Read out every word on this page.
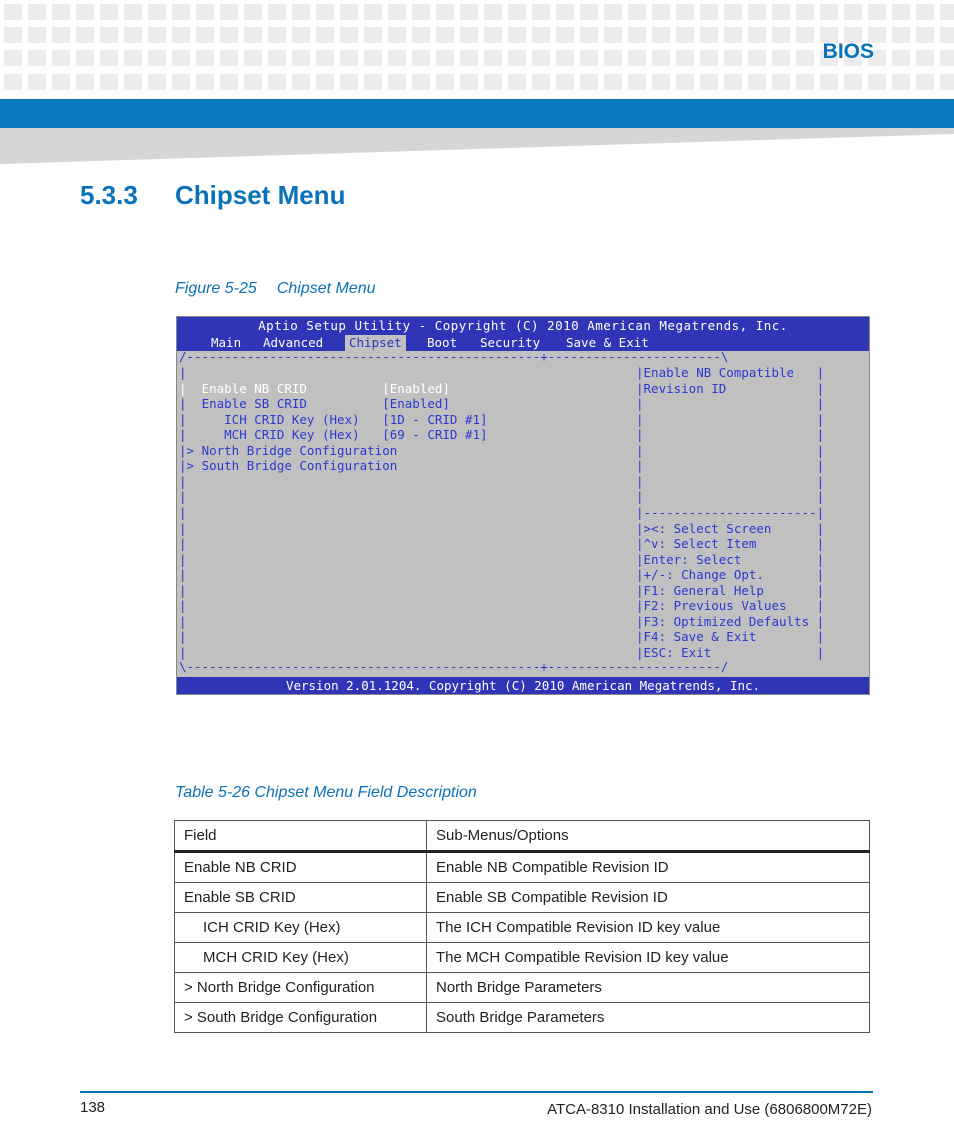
BIOS
5.3.3 Chipset Menu
Figure 5-25 Chipset Menu
Aptio Setup Utility - Copyright (C) 2010 American Megatrends, Inc.
Main	Advanced	Chipset	Boot	Security	Save & Exit
/-----------------------------------------------+-----------------------\
\-----------------------------------------------+-----------------------/
Version 2.01.1204. Copyright (C) 2010 American Megatrends, Inc.
|
|  Enable NB CRID          [Enabled]
|  Enable SB CRID          [Enabled]
|     ICH CRID Key (Hex)   [1D - CRID #1]
|     MCH CRID Key (Hex)   [69 - CRID #1]
|> North Bridge Configuration
|> South Bridge Configuration
|
|
|
|
|
|
|
|
|
|
|
|
|Enable NB Compatible   |
|Revision ID            |
|                       |
|                       |
|                       |
|                       |
|                       |
|                       |
|                       |
|-----------------------|
|><: Select Screen      |
|^v: Select Item        |
|Enter: Select          |
|+/-: Change Opt.       |
|F1: General Help       |
|F2: Previous Values    |
|F3: Optimized Defaults |
|F4: Save & Exit        |
|ESC: Exit              |
Table 5-26 Chipset Menu Field Description
Field	Sub-Menus/Options
Enable NB CRID	Enable NB Compatible Revision ID
Enable SB CRID	Enable SB Compatible Revision ID
ICH CRID Key (Hex)	The ICH Compatible Revision ID key value
MCH CRID Key (Hex)	The MCH Compatible Revision ID key value
> North Bridge Configuration	North Bridge Parameters
> South Bridge Configuration	South Bridge Parameters
138	ATCA-8310 Installation and Use (6806800M72E)
